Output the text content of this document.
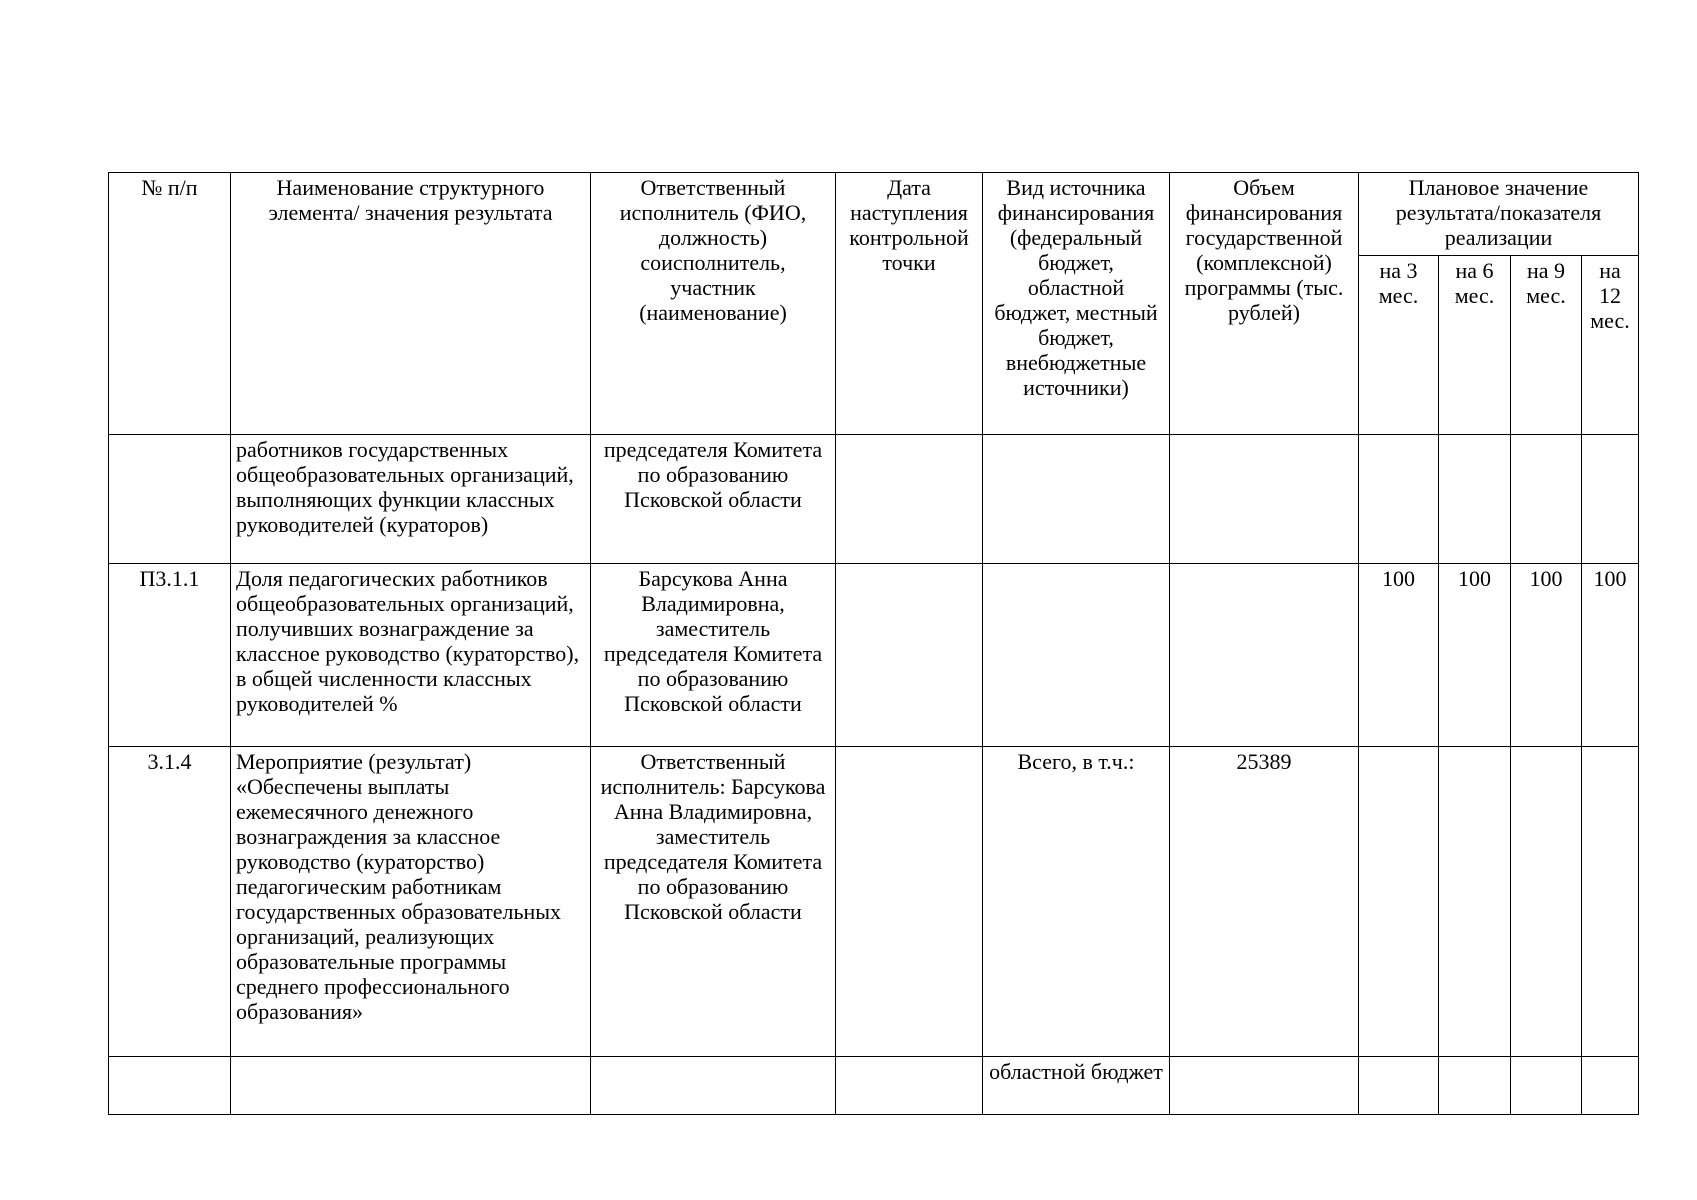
№ п/п	Наименование структурного элемента/ значения результата	Ответственный исполнитель (ФИО, должность) соисполнитель, участник (наименование)	Дата наступления контрольной точки	Вид источника финансирования (федеральный бюджет, областной бюджет, местный бюджет, внебюджетные источники)	Объем финансирования государственной (комплексной) программы (тыс. рублей)	Плановое значение результата/показателя реализации			
						на 3 мес.	на 6 мес.	на 9 мес.	на 12 мес.
	работников государственных общеобразовательных организаций, выполняющих функции классных руководителей (кураторов)	председателя Комитета по образованию Псковской области							
П3.1.1	Доля педагогических работников общеобразовательных организаций, получивших вознаграждение за классное руководство (кураторство), в общей численности классных руководителей %	Барсукова Анна Владимировна, заместитель председателя Комитета по образованию Псковской области				100	100	100	100
3.1.4	Мероприятие (результат) «Обеспечены выплаты ежемесячного денежного вознаграждения за классное руководство (кураторство) педагогическим работникам государственных образовательных организаций, реализующих образовательные программы среднего профессионального образования»	Ответственный исполнитель: Барсукова Анна Владимировна, заместитель председателя Комитета по образованию Псковской области		Всего, в т.ч.:	25389				
				областной бюджет					
